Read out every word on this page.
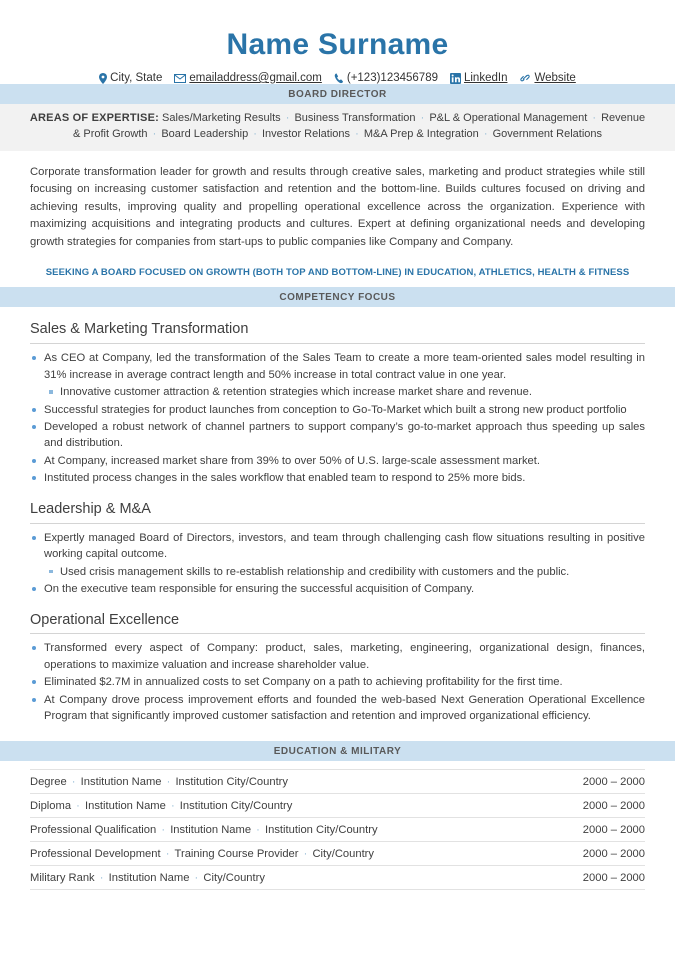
Name Surname
City, State emailaddress@gmail.com (+123)123456789 LinkedIn Website
BOARD DIRECTOR
AREAS OF EXPERTISE: Sales/Marketing Results · Business Transformation · P&L & Operational Management · Revenue & Profit Growth · Board Leadership · Investor Relations · M&A Prep & Integration · Government Relations
Corporate transformation leader for growth and results through creative sales, marketing and product strategies while still focusing on increasing customer satisfaction and retention and the bottom-line. Builds cultures focused on driving and achieving results, improving quality and propelling operational excellence across the organization. Experience with maximizing acquisitions and integrating products and cultures. Expert at defining organizational needs and developing growth strategies for companies from start-ups to public companies like Company and Company.
SEEKING A BOARD FOCUSED ON GROWTH (BOTH TOP AND BOTTOM-LINE) IN EDUCATION, ATHLETICS, HEALTH & FITNESS
COMPETENCY FOCUS
Sales & Marketing Transformation
As CEO at Company, led the transformation of the Sales Team to create a more team-oriented sales model resulting in 31% increase in average contract length and 50% increase in total contract value in one year.
Innovative customer attraction & retention strategies which increase market share and revenue.
Successful strategies for product launches from conception to Go-To-Market which built a strong new product portfolio
Developed a robust network of channel partners to support company’s go-to-market approach thus speeding up sales and distribution.
At Company, increased market share from 39% to over 50% of U.S. large-scale assessment market.
Instituted process changes in the sales workflow that enabled team to respond to 25% more bids.
Leadership & M&A
Expertly managed Board of Directors, investors, and team through challenging cash flow situations resulting in positive working capital outcome.
Used crisis management skills to re-establish relationship and credibility with customers and the public.
On the executive team responsible for ensuring the successful acquisition of Company.
Operational Excellence
Transformed every aspect of Company: product, sales, marketing, engineering, organizational design, finances, operations to maximize valuation and increase shareholder value.
Eliminated $2.7M in annualized costs to set Company on a path to achieving profitability for the first time.
At Company drove process improvement efforts and founded the web-based Next Generation Operational Excellence Program that significantly improved customer satisfaction and retention and improved organizational efficiency.
EDUCATION & MILITARY
Degree · Institution Name · Institution City/Country	2000 – 2000
Diploma · Institution Name · Institution City/Country	2000 – 2000
Professional Qualification · Institution Name · Institution City/Country	2000 – 2000
Professional Development · Training Course Provider · City/Country	2000 – 2000
Military Rank · Institution Name · City/Country	2000 – 2000
